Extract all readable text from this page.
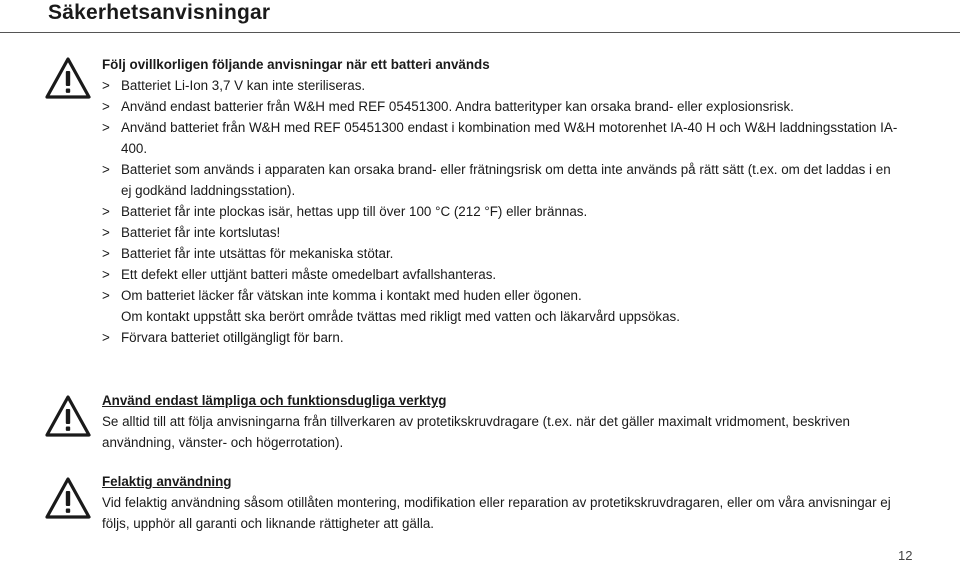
Säkerhetsanvisningar
Följ ovillkorligen följande anvisningar när ett batteri används
> Batteriet Li-Ion 3,7 V kan inte steriliseras.
> Använd endast batterier från W&H med REF 05451300. Andra batterityper kan orsaka brand- eller explosionsrisk.
> Använd batteriet från W&H med REF 05451300 endast i kombination med W&H motorenhet IA-40 H och W&H laddningsstation IA-400.
> Batteriet som används i apparaten kan orsaka brand- eller frätningsrisk om detta inte används på rätt sätt (t.ex. om det laddas i en ej godkänd laddningsstation).
> Batteriet får inte plockas isär, hettas upp till över 100 °C (212 °F) eller brännas.
> Batteriet får inte kortslutas!
> Batteriet får inte utsättas för mekaniska stötar.
> Ett defekt eller uttjänt batteri måste omedelbart avfallshanteras.
> Om batteriet läcker får vätskan inte komma i kontakt med huden eller ögonen.
Om kontakt uppstått ska berört område tvättas med rikligt med vatten och läkarvård uppsökas.
> Förvara batteriet otillgängligt för barn.
Använd endast lämpliga och funktionsdugliga verktyg
Se alltid till att följa anvisningarna från tillverkaren av protetikskruvdragare (t.ex. när det gäller maximalt vridmoment, beskriven användning, vänster- och högerrotation).
Felaktig användning
Vid felaktig användning såsom otillåten montering, modifikation eller reparation av protetikskruvdragaren, eller om våra anvisningar ej följs, upphör all garanti och liknande rättigheter att gälla.
12
